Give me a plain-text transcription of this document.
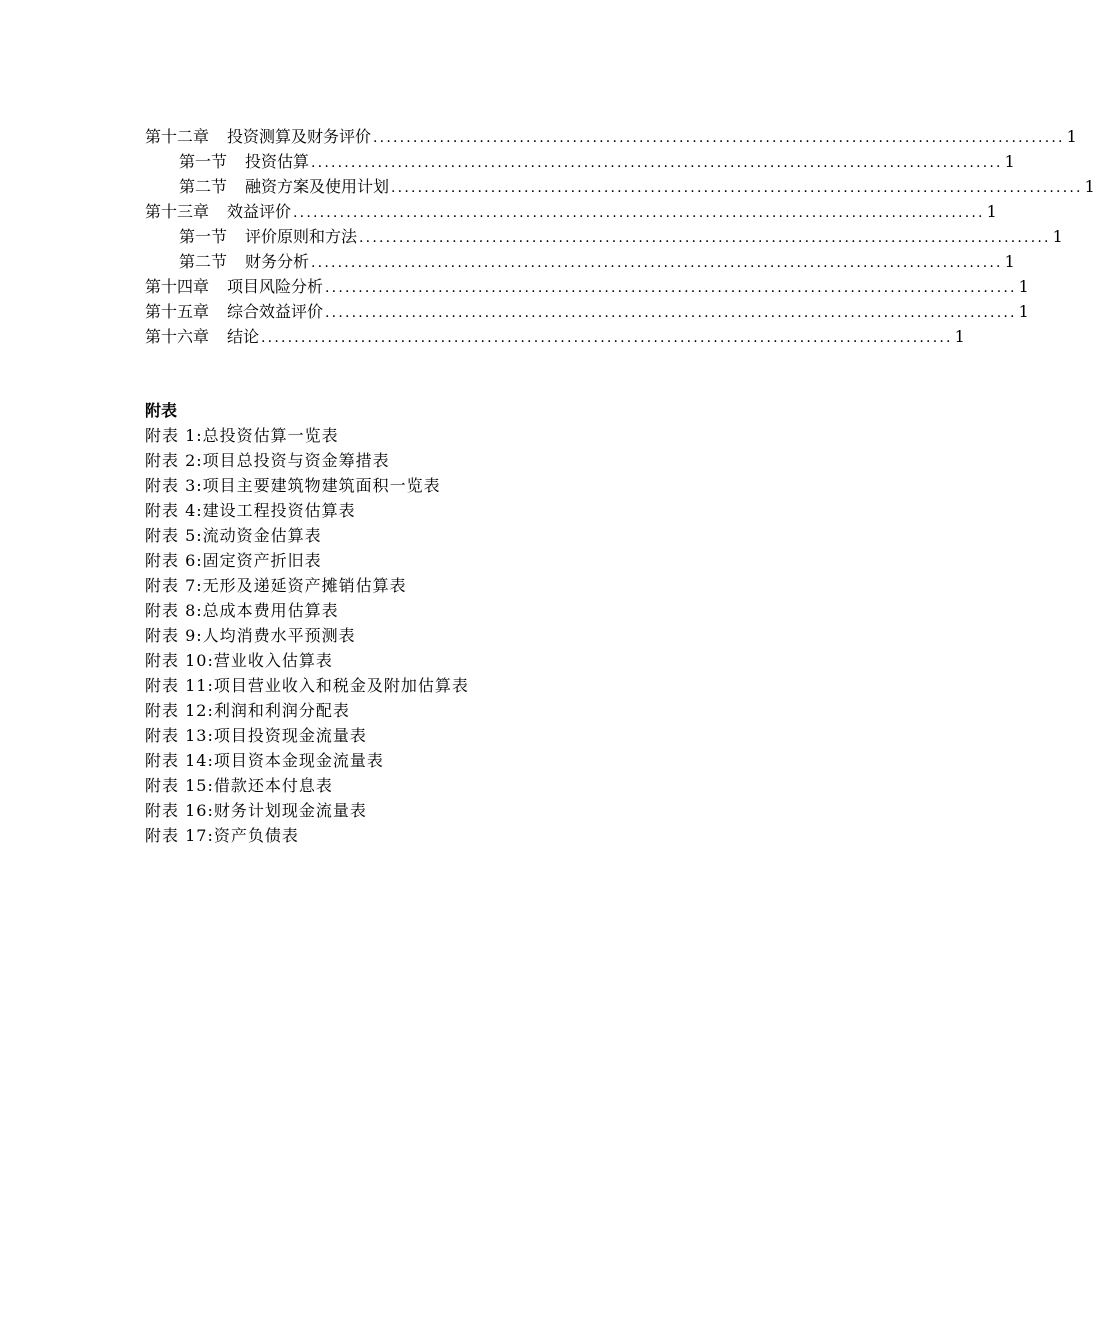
第十二章 投资测算及财务评价 ........................................................................................................ 1
第一节 投资估算 ........................................................................................................ 1
第二节 融资方案及使用计划 ........................................................................................................ 1
第十三章 效益评价 ........................................................................................................ 1
第一节 评价原则和方法 ........................................................................................................ 1
第二节 财务分析 ........................................................................................................ 1
第十四章 项目风险分析 ........................................................................................................ 1
第十五章 综合效益评价 ........................................................................................................ 1
第十六章 结论 ........................................................................................................ 1
附表
附表 1:总投资估算一览表
附表 2:项目总投资与资金筹措表
附表 3:项目主要建筑物建筑面积一览表
附表 4:建设工程投资估算表
附表 5:流动资金估算表
附表 6:固定资产折旧表
附表 7:无形及递延资产摊销估算表
附表 8:总成本费用估算表
附表 9:人均消费水平预测表
附表 10:营业收入估算表
附表 11:项目营业收入和税金及附加估算表
附表 12:利润和利润分配表
附表 13:项目投资现金流量表
附表 14:项目资本金现金流量表
附表 15:借款还本付息表
附表 16:财务计划现金流量表
附表 17:资产负债表
